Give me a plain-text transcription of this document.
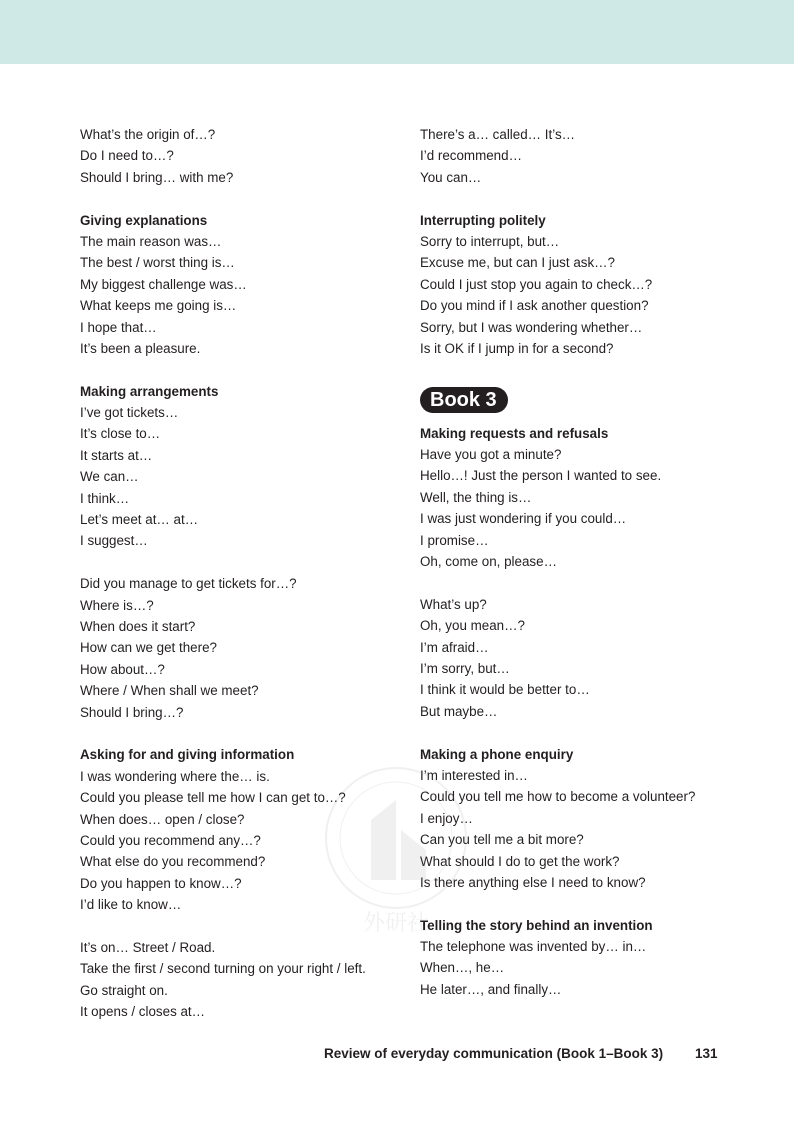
What’s the origin of…?
Do I need to…?
Should I bring… with me?
Giving explanations
The main reason was…
The best / worst thing is…
My biggest challenge was…
What keeps me going is…
I hope that…
It’s been a pleasure.
Making arrangements
I’ve got tickets…
It’s close to…
It starts at…
We can…
I think…
Let’s meet at… at…
I suggest…
Did you manage to get tickets for…?
Where is…?
When does it start?
How can we get there?
How about…?
Where / When shall we meet?
Should I bring…?
Asking for and giving information
I was wondering where the… is.
Could you please tell me how I can get to…?
When does… open / close?
Could you recommend any…?
What else do you recommend?
Do you happen to know…?
I’d like to know…
It’s on… Street / Road.
Take the first / second turning on your right / left.
Go straight on.
It opens / closes at…
There’s a… called… It’s…
I’d recommend…
You can…
Interrupting politely
Sorry to interrupt, but…
Excuse me, but can I just ask…?
Could I just stop you again to check…?
Do you mind if I ask another question?
Sorry, but I was wondering whether…
Is it OK if I jump in for a second?
Book 3
Making requests and refusals
Have you got a minute?
Hello…! Just the person I wanted to see.
Well, the thing is…
I was just wondering if you could…
I promise…
Oh, come on, please…
What’s up?
Oh, you mean…?
I’m afraid…
I’m sorry, but…
I think it would be better to…
But maybe…
Making a phone enquiry
I’m interested in…
Could you tell me how to become a volunteer?
I enjoy…
Can you tell me a bit more?
What should I do to get the work?
Is there anything else I need to know?
Telling the story behind an invention
The telephone was invented by… in…
When…, he…
He later…, and finally…
外研社
Review of everyday communication (Book 1–Book 3) 131
